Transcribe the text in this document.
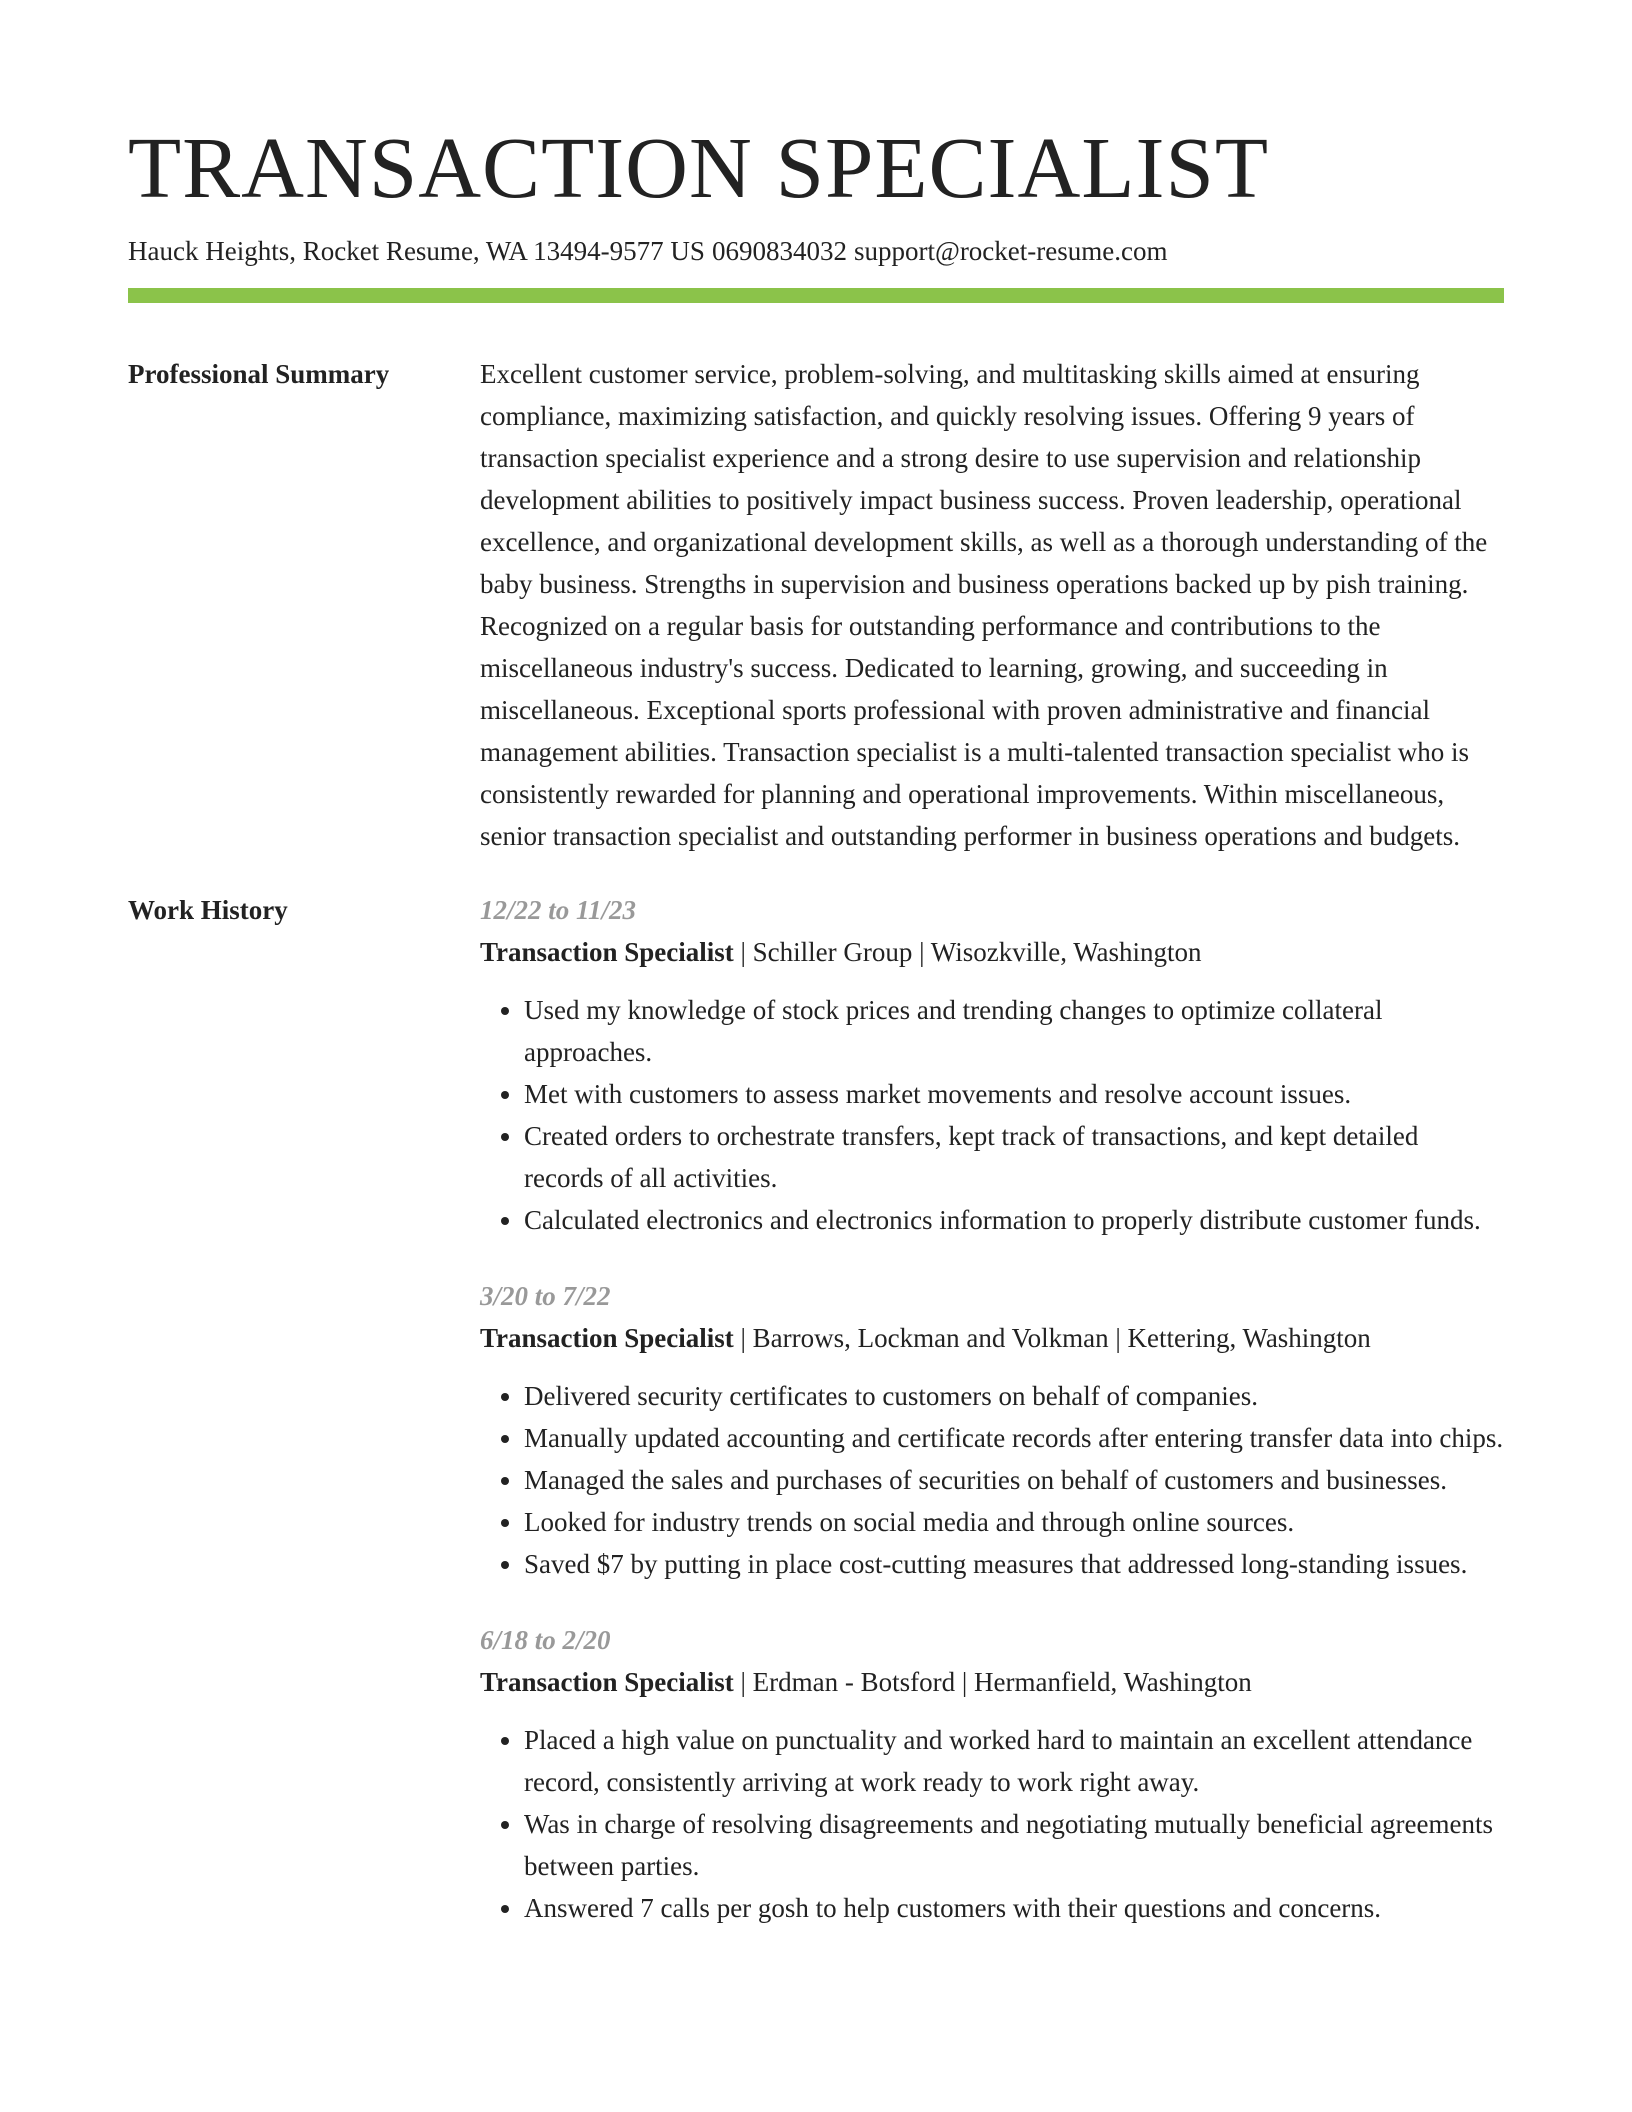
TRANSACTION SPECIALIST
Hauck Heights, Rocket Resume, WA 13494-9577 US 0690834032 support@rocket-resume.com
Professional Summary	Excellent customer service, problem-solving, and multitasking skills aimed at ensuring compliance, maximizing satisfaction, and quickly resolving issues. Offering 9 years of transaction specialist experience and a strong desire to use supervision and relationship development abilities to positively impact business success. Proven leadership, operational excellence, and organizational development skills, as well as a thorough understanding of the baby business. Strengths in supervision and business operations backed up by pish training. Recognized on a regular basis for outstanding performance and contributions to the miscellaneous industry's success. Dedicated to learning, growing, and succeeding in miscellaneous. Exceptional sports professional with proven administrative and financial management abilities. Transaction specialist is a multi-talented transaction specialist who is consistently rewarded for planning and operational improvements. Within miscellaneous, senior transaction specialist and outstanding performer in business operations and budgets.
Work History	12/22 to 11/23
Transaction Specialist | Schiller Group | Wisozkville, Washington
• Used my knowledge of stock prices and trending changes to optimize collateral approaches.
• Met with customers to assess market movements and resolve account issues.
• Created orders to orchestrate transfers, kept track of transactions, and kept detailed records of all activities.
• Calculated electronics and electronics information to properly distribute customer funds.
3/20 to 7/22
Transaction Specialist | Barrows, Lockman and Volkman | Kettering, Washington
• Delivered security certificates to customers on behalf of companies.
• Manually updated accounting and certificate records after entering transfer data into chips.
• Managed the sales and purchases of securities on behalf of customers and businesses.
• Looked for industry trends on social media and through online sources.
• Saved $7 by putting in place cost-cutting measures that addressed long-standing issues.
6/18 to 2/20
Transaction Specialist | Erdman - Botsford | Hermanfield, Washington
• Placed a high value on punctuality and worked hard to maintain an excellent attendance record, consistently arriving at work ready to work right away.
• Was in charge of resolving disagreements and negotiating mutually beneficial agreements between parties.
• Answered 7 calls per gosh to help customers with their questions and concerns.
